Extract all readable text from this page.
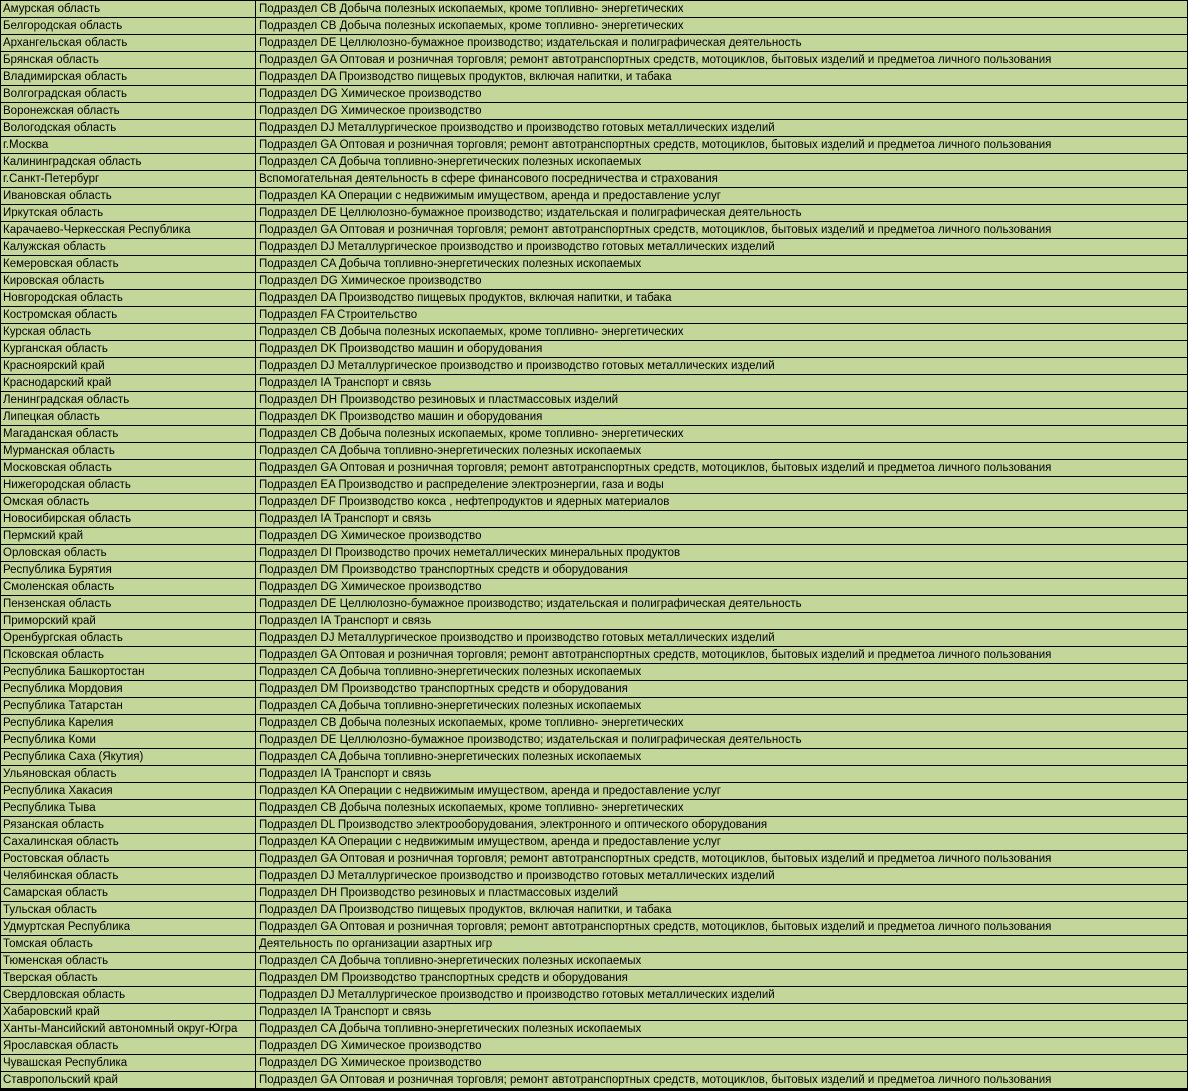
Амурская область	Подраздел CB Добыча полезных ископаемых, кроме топливно- энергетических
Белгородская область	Подраздел CB Добыча полезных ископаемых, кроме топливно- энергетических
Архангельская область	Подраздел DE Целлюлозно-бумажное производство; издательская и полиграфическая деятельность
Брянская область	Подраздел GA Оптовая и розничная торговля; ремонт автотранспортных средств, мотоциклов, бытовых изделий и предметоа личного пользования
Владимирская область	Подраздел DA Производство пищевых продуктов, включая напитки, и табака
Волгоградская область	Подраздел DG Химическое производство
Воронежская область	Подраздел DG Химическое производство
Вологодская область	Подраздел DJ Металлургическое производство и производство готовых металлических изделий
г.Москва	Подраздел GA Оптовая и розничная торговля; ремонт автотранспортных средств, мотоциклов, бытовых изделий и предметоа личного пользования
Калининградская область	Подраздел CA Добыча топливно-энергетических полезных ископаемых
г.Санкт-Петербург	Вспомогательная деятельность в сфере финансового посредничества и страхования
Ивановская область	Подраздел KA Операции с недвижимым имуществом, аренда и предоставление услуг
Иркутская область	Подраздел DE Целлюлозно-бумажное производство; издательская и полиграфическая деятельность
Карачаево-Черкесская Республика	Подраздел GA Оптовая и розничная торговля; ремонт автотранспортных средств, мотоциклов, бытовых изделий и предметоа личного пользования
Калужская область	Подраздел DJ Металлургическое производство и производство готовых металлических изделий
Кемеровская область	Подраздел CA Добыча топливно-энергетических полезных ископаемых
Кировская область	Подраздел DG Химическое производство
Новгородская область	Подраздел DA Производство пищевых продуктов, включая напитки, и табака
Костромская область	Подраздел FA Строительство
Курская область	Подраздел CB Добыча полезных ископаемых, кроме топливно- энергетических
Курганская область	Подраздел DK Производство машин и оборудования
Красноярский край	Подраздел DJ Металлургическое производство и производство готовых металлических изделий
Краснодарский край	Подраздел IA Транспорт и связь
Ленинградская область	Подраздел DH Производство резиновых и пластмассовых изделий
Липецкая область	Подраздел DK Производство машин и оборудования
Магаданская область	Подраздел CB Добыча полезных ископаемых, кроме топливно- энергетических
Мурманская область	Подраздел CA Добыча топливно-энергетических полезных ископаемых
Московская область	Подраздел GA Оптовая и розничная торговля; ремонт автотранспортных средств, мотоциклов, бытовых изделий и предметоа личного пользования
Нижегородская область	Подраздел EA Производство и распределение электроэнергии, газа и воды
Омская область	Подраздел DF Производство кокса , нефтепродуктов и ядерных материалов
Новосибирская область	Подраздел IA Транспорт и связь
Пермский край	Подраздел DG Химическое производство
Орловская область	Подраздел DI Производство прочих неметаллических минеральных продуктов
Республика Бурятия	Подраздел DM Производство транспортных средств и оборудования
Смоленская область	Подраздел DG Химическое производство
Пензенская область	Подраздел DE Целлюлозно-бумажное производство; издательская и полиграфическая деятельность
Приморский край	Подраздел IA Транспорт и связь
Оренбургская область	Подраздел DJ Металлургическое производство и производство готовых металлических изделий
Псковская область	Подраздел GA Оптовая и розничная торговля; ремонт автотранспортных средств, мотоциклов, бытовых изделий и предметоа личного пользования
Республика Башкортостан	Подраздел CA Добыча топливно-энергетических полезных ископаемых
Республика Мордовия	Подраздел DM Производство транспортных средств и оборудования
Республика Татарстан	Подраздел CA Добыча топливно-энергетических полезных ископаемых
Республика Карелия	Подраздел CB Добыча полезных ископаемых, кроме топливно- энергетических
Республика Коми	Подраздел DE Целлюлозно-бумажное производство; издательская и полиграфическая деятельность
Республика Саха (Якутия)	Подраздел CA Добыча топливно-энергетических полезных ископаемых
Ульяновская область	Подраздел IA Транспорт и связь
Республика Хакасия	Подраздел KA Операции с недвижимым имуществом, аренда и предоставление услуг
Республика Тыва	Подраздел CB Добыча полезных ископаемых, кроме топливно- энергетических
Рязанская область	Подраздел DL Производство электрооборудования, электронного и оптического оборудования
Сахалинская область	Подраздел KA Операции с недвижимым имуществом, аренда и предоставление услуг
Ростовская область	Подраздел GA Оптовая и розничная торговля; ремонт автотранспортных средств, мотоциклов, бытовых изделий и предметоа личного пользования
Челябинская область	Подраздел DJ Металлургическое производство и производство готовых металлических изделий
Самарская область	Подраздел DH Производство резиновых и пластмассовых изделий
Тульская область	Подраздел DA Производство пищевых продуктов, включая напитки, и табака
Удмуртская Республика	Подраздел GA Оптовая и розничная торговля; ремонт автотранспортных средств, мотоциклов, бытовых изделий и предметоа личного пользования
Томская область	Деятельность по организации азартных игр
Тюменская область	Подраздел CA Добыча топливно-энергетических полезных ископаемых
Тверская область	Подраздел DM Производство транспортных средств и оборудования
Свердловская область	Подраздел DJ Металлургическое производство и производство готовых металлических изделий
Хабаровский край	Подраздел IA Транспорт и связь
Ханты-Мансийский автономный округ-Югра	Подраздел CA Добыча топливно-энергетических полезных ископаемых
Ярославская область	Подраздел DG Химическое производство
Чувашская Республика	Подраздел DG Химическое производство
Ставропольский край	Подраздел GA Оптовая и розничная торговля; ремонт автотранспортных средств, мотоциклов, бытовых изделий и предметоа личного пользования
